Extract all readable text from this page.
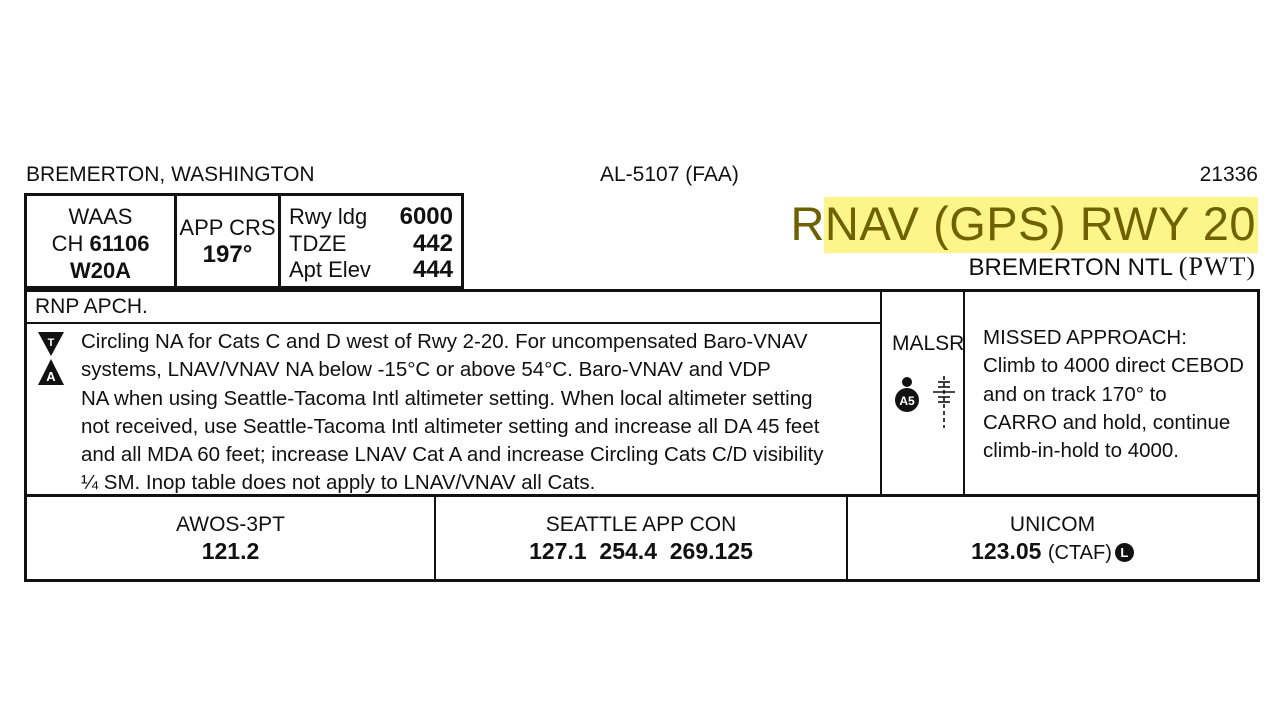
BREMERTON, WASHINGTON	AL-5107 (FAA)	21336
RNAV (GPS) RWY 20
BREMERTON NTL (PWT)
WAAS
CH 61106
W20A
APP CRS
197°
Rwy ldg 6000
TDZE	442
Apt Elev 444
RNP APCH.
T
A
Circling NA for Cats C and D west of Rwy 2-20. For uncompensated Baro-VNAV
systems, LNAV/VNAV NA below -15°C or above 54°C. Baro-VNAV and VDP
NA when using Seattle-Tacoma Intl altimeter setting. When local altimeter setting
not received, use Seattle-Tacoma Intl altimeter setting and increase all DA 45 feet
and all MDA 60 feet; increase LNAV Cat A and increase Circling Cats C/D visibility
¼ SM. Inop table does not apply to LNAV/VNAV all Cats.
MALSR
A5
MISSED APPROACH:
Climb to 4000 direct CEBOD
and on track 170° to
CARRO and hold, continue
climb-in-hold to 4000.
AWOS-3PT
121.2
SEATTLE APP CON
127.1  254.4  269.125
UNICOM
123.05 (CTAF) L
